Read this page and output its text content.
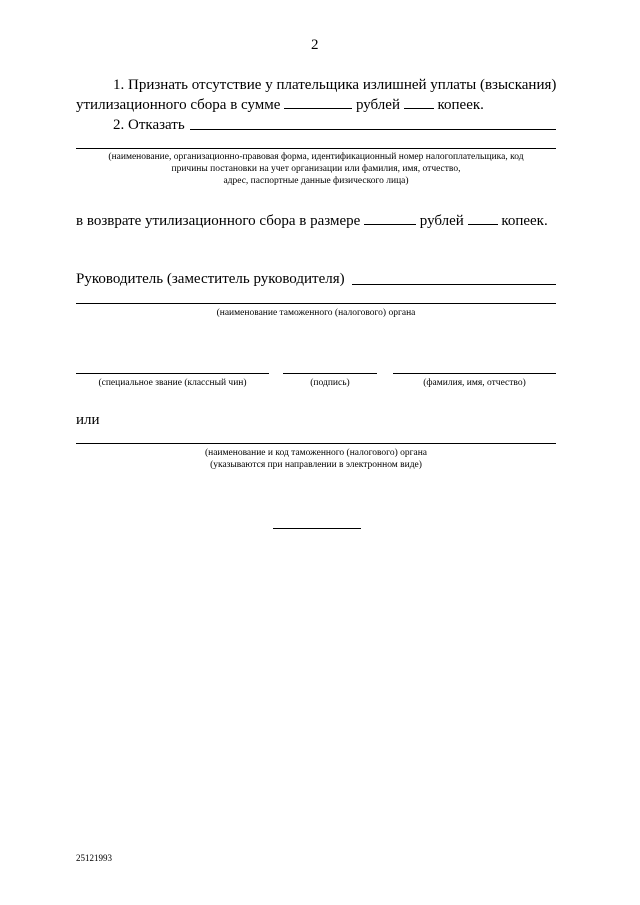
2
1. Признать отсутствие у плательщика излишней уплаты (взыскания)
утилизационного сбора в сумме	рублей	копеек.
2. Отказать
(наименование, организационно-правовая форма, идентификационный номер налогоплательщика, код
причины постановки на учет организации или фамилия, имя, отчество,
адрес, паспортные данные физического лица)
в возврате утилизационного сбора в размере	рублей	копеек.
Руководитель (заместитель руководителя)
(наименование таможенного (налогового) органа
(специальное звание (классный чин)	(подпись)	(фамилия, имя, отчество)
или
(наименование и код таможенного (налогового) органа
(указываются при направлении в электронном виде)
25121993
